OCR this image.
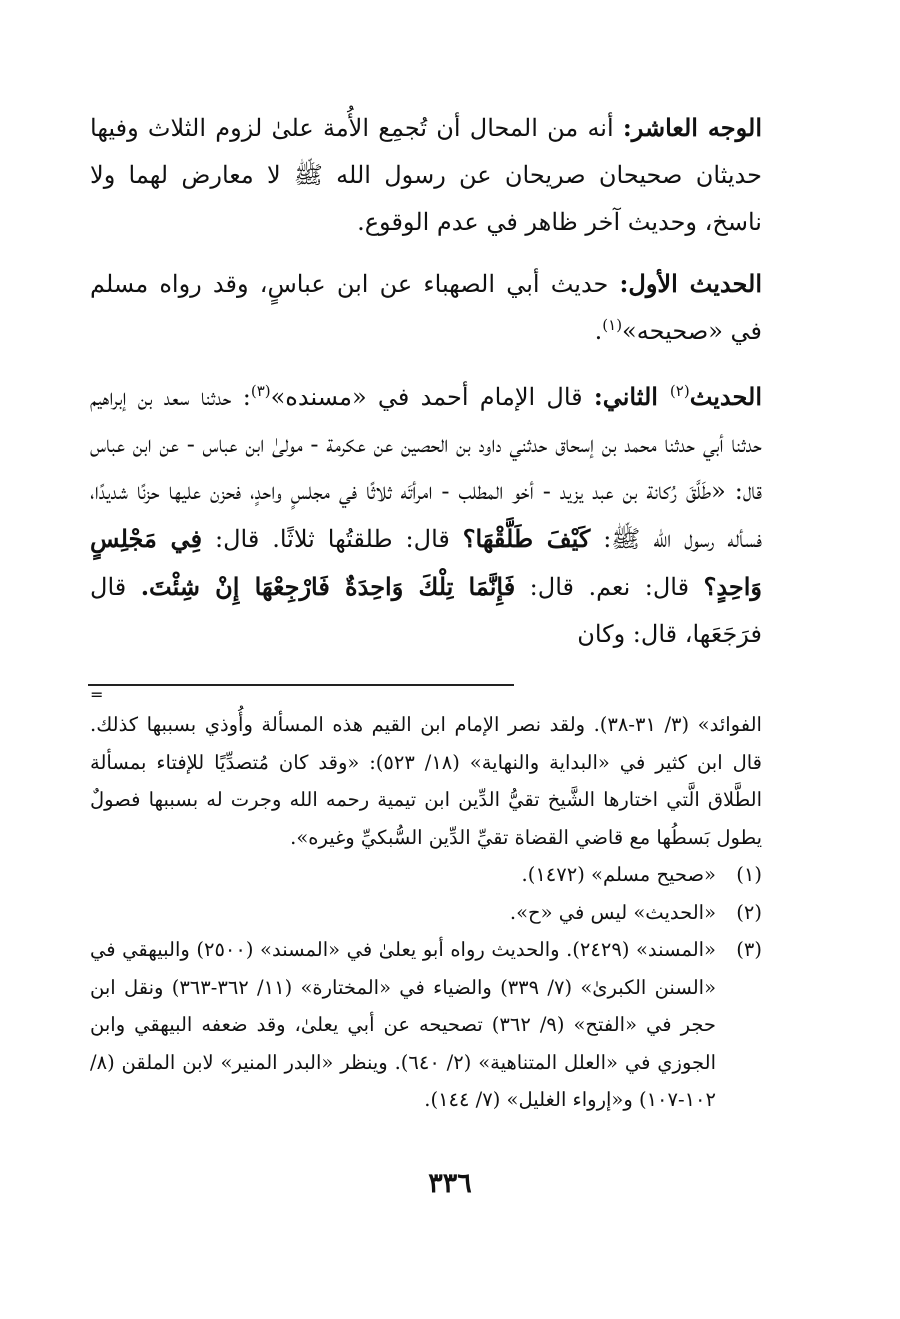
الوجه العاشر: أنه من المحال أن تُجمِع الأُمة علىٰ لزوم الثلاث وفيها حديثان صحيحان صريحان عن رسول الله ﷺ لا معارض لهما ولا ناسخ، وحديث آخر ظاهر في عدم الوقوع.

الحديث الأول: حديث أبي الصهباء عن ابن عباسٍ، وقد رواه مسلم في «صحيحه»$^{(١)}$.

الحديث$^{(٢)}$ الثاني: قال الإمام أحمد في «مسنده»$^{(٣)}$: حدثنا سعد بن إبراهيم حدثنا أبي حدثنا محمد بن إسحاق حدثني داود بن الحصين عن عكرمة - مولىٰ ابن عباس - عن ابن عباس قال: «طَلَّقَ رُكانة بن عبد يزيد - أخو المطلب - امرأتَه ثلاثًا في مجلسٍ واحدٍ، فحزن عليها حزنًا شديدًا، فسأله رسول الله ﷺ: كَيْفَ طَلَّقْهَا؟ قال: طلقتُها ثلاثًا. قال: فِي مَجْلِسٍ وَاحِدٍ؟ قال: نعم. قال: فَإِنَّمَا تِلْكَ وَاحِدَةٌ فَارْجِعْهَا إِنْ شِئْتَ. قال فرَجَعَها، قال: وكان

=

الفوائد» (٣/ ٣١-٣٨). ولقد نصر الإمام ابن القيم هذه المسألة وأُوذي بسببها كذلك. قال ابن كثير في «البداية والنهاية» (١٨/ ٥٢٣): «وقد كان مُتصدِّيًا للإفتاء بمسألة الطَّلاق الَّتي اختارها الشَّيخ تقيُّ الدِّين ابن تيمية رحمه الله وجرت له بسببها فصولٌ يطول بَسطُها مع قاضي القضاة تقيِّ الدِّين السُّبكيِّ وغيره».

(١)
«صحيح مسلم» (١٤٧٢).

(٢)
«الحديث» ليس في «ح».

(٣)
«المسند» (٢٤٢٩). والحديث رواه أبو يعلىٰ في «المسند» (٢٥٠٠) والبيهقي في «السنن الكبرىٰ» (٧/ ٣٣٩) والضياء في «المختارة» (١١/ ٣٦٢-٣٦٣) ونقل ابن حجر في «الفتح» (٩/ ٣٦٢) تصحيحه عن أبي يعلىٰ، وقد ضعفه البيهقي وابن الجوزي في «العلل المتناهية» (٢/ ٦٤٠). وينظر «البدر المنير» لابن الملقن (٨/ ١٠٢-١٠٧) و«إرواء الغليل» (٧/ ١٤٤).

٣٣٦
